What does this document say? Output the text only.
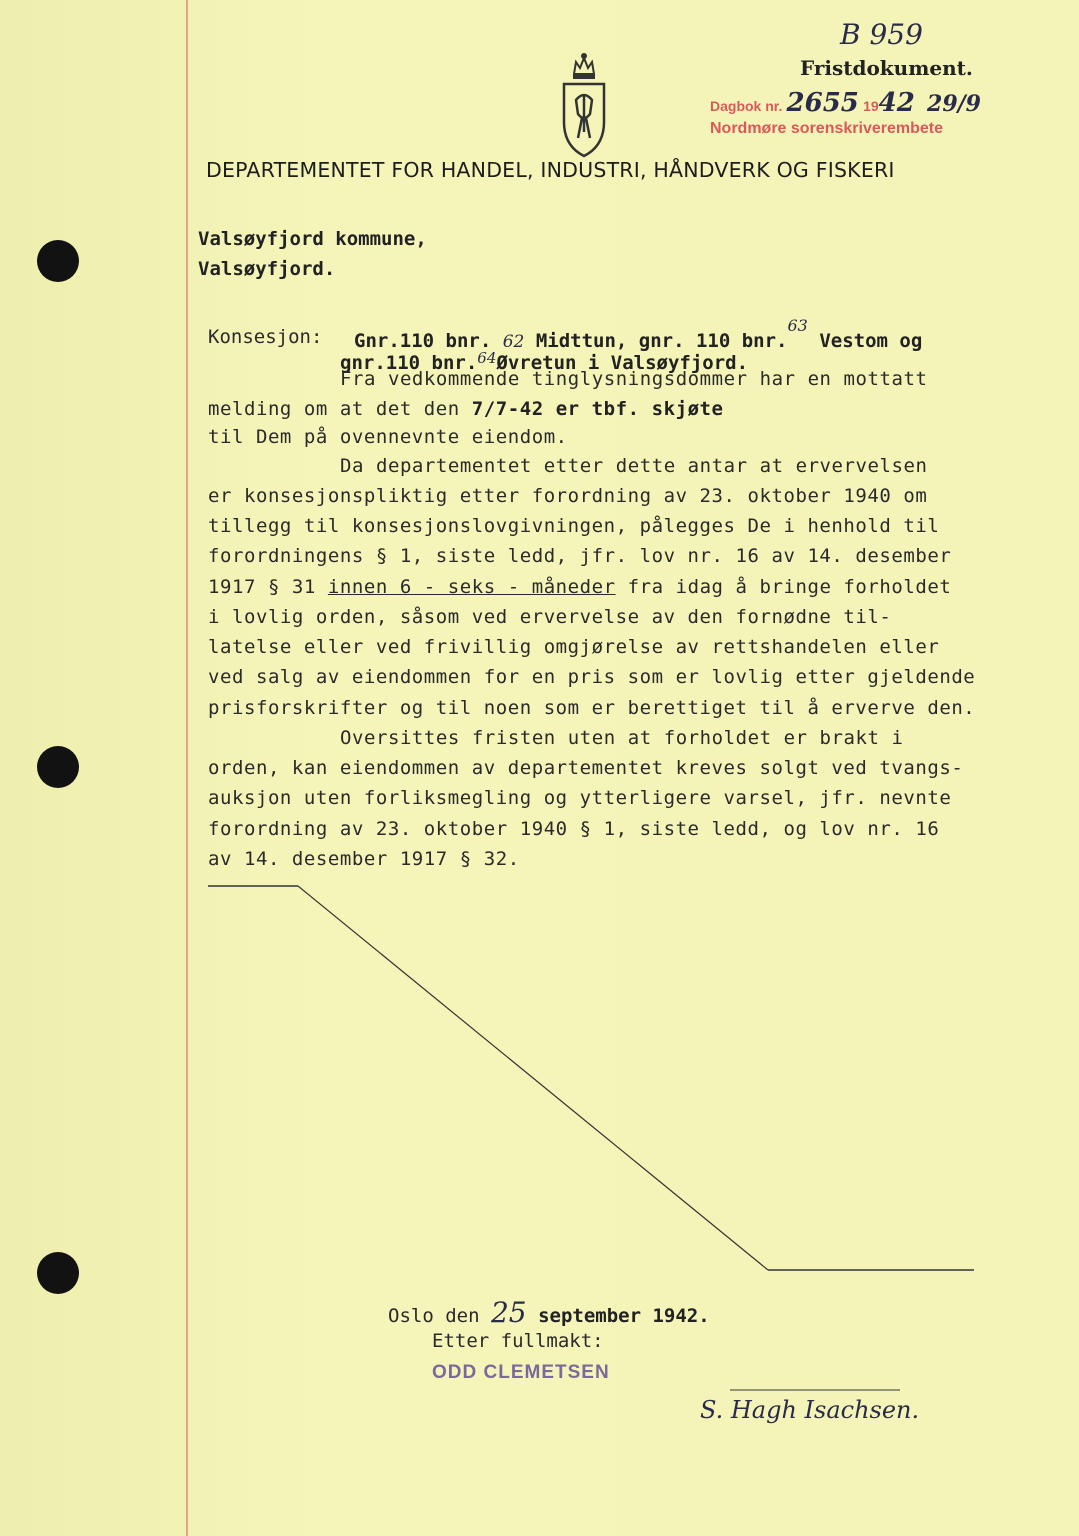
B 959
Fristdokument.
Dagbok nr. 2655 1942 29/9
Nordmøre sorenskriverembete
DEPARTEMENTET FOR HANDEL, INDUSTRI, HÅNDVERK OG FISKERI
Valsøyfjord kommune,
Valsøyfjord.
Konsesjon: Gnr.110 bnr. 62 Midttun, gnr. 110 bnr.$^{63}$ Vestom og
gnr.110 bnr.$^{64}$Øvretun i Valsøyfjord.
Fra vedkommende tinglysningsdommer har en mottatt
melding om at det den 7/7-42 er tbf. skjøte
til Dem på ovennevnte eiendom.
Da departementet etter dette antar at ervervelsen
er konsesjonspliktig etter forordning av 23. oktober 1940 om
tillegg til konsesjonslovgivningen, pålegges De i henhold til
forordningens § 1, siste ledd, jfr. lov nr. 16 av 14. desember
1917 § 31 innen 6 - seks - måneder fra idag å bringe forholdet
i lovlig orden, såsom ved ervervelse av den fornødne til-
latelse eller ved frivillig omgjørelse av rettshandelen eller
ved salg av eiendommen for en pris som er lovlig etter gjeldende
prisforskrifter og til noen som er berettiget til å erverve den.
Oversittes fristen uten at forholdet er brakt i
orden, kan eiendommen av departementet kreves solgt ved tvangs-
auksjon uten forliksmegling og ytterligere varsel, jfr. nevnte
forordning av 23. oktober 1940 § 1, siste ledd, og lov nr. 16
av 14. desember 1917 § 32.
Oslo den 25 september 1942.
Etter fullmakt:
ODD CLEMETSEN
S. Hagh Isachsen.
